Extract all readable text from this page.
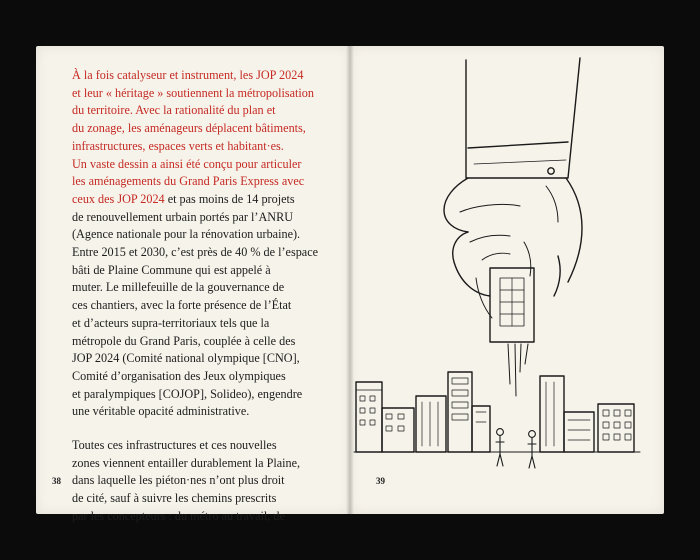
À la fois catalyseur et instrument, les JOP 2024
et leur « héritage » soutiennent la métropolisation
du territoire. Avec la rationalité du plan et
du zonage, les aménageurs déplacent bâtiments,
infrastructures, espaces verts et habitant·es.
Un vaste dessin a ainsi été conçu pour articuler
les aménagements du Grand Paris Express avec
ceux des JOP 2024 et pas moins de 14 projets
de renouvellement urbain portés par l’ANRU
(Agence nationale pour la rénovation urbaine).
Entre 2015 et 2030, c’est près de 40 % de l’espace
bâti de Plaine Commune qui est appelé à
muter. Le millefeuille de la gouvernance de
ces chantiers, avec la forte présence de l’État
et d’acteurs supra-territoriaux tels que la
métropole du Grand Paris, couplée à celle des
JOP 2024 (Comité national olympique [CNO],
Comité d’organisation des Jeux olympiques
et paralympiques [COJOP], Solideo), engendre
une véritable opacité administrative.

Toutes ces infrastructures et ces nouvelles
zones viennent entailler durablement la Plaine,
dans laquelle les piéton·nes n’ont plus droit
de cité, sauf à suivre les chemins prescrits
par les concepteurs : du métro au travail, de

38	39
